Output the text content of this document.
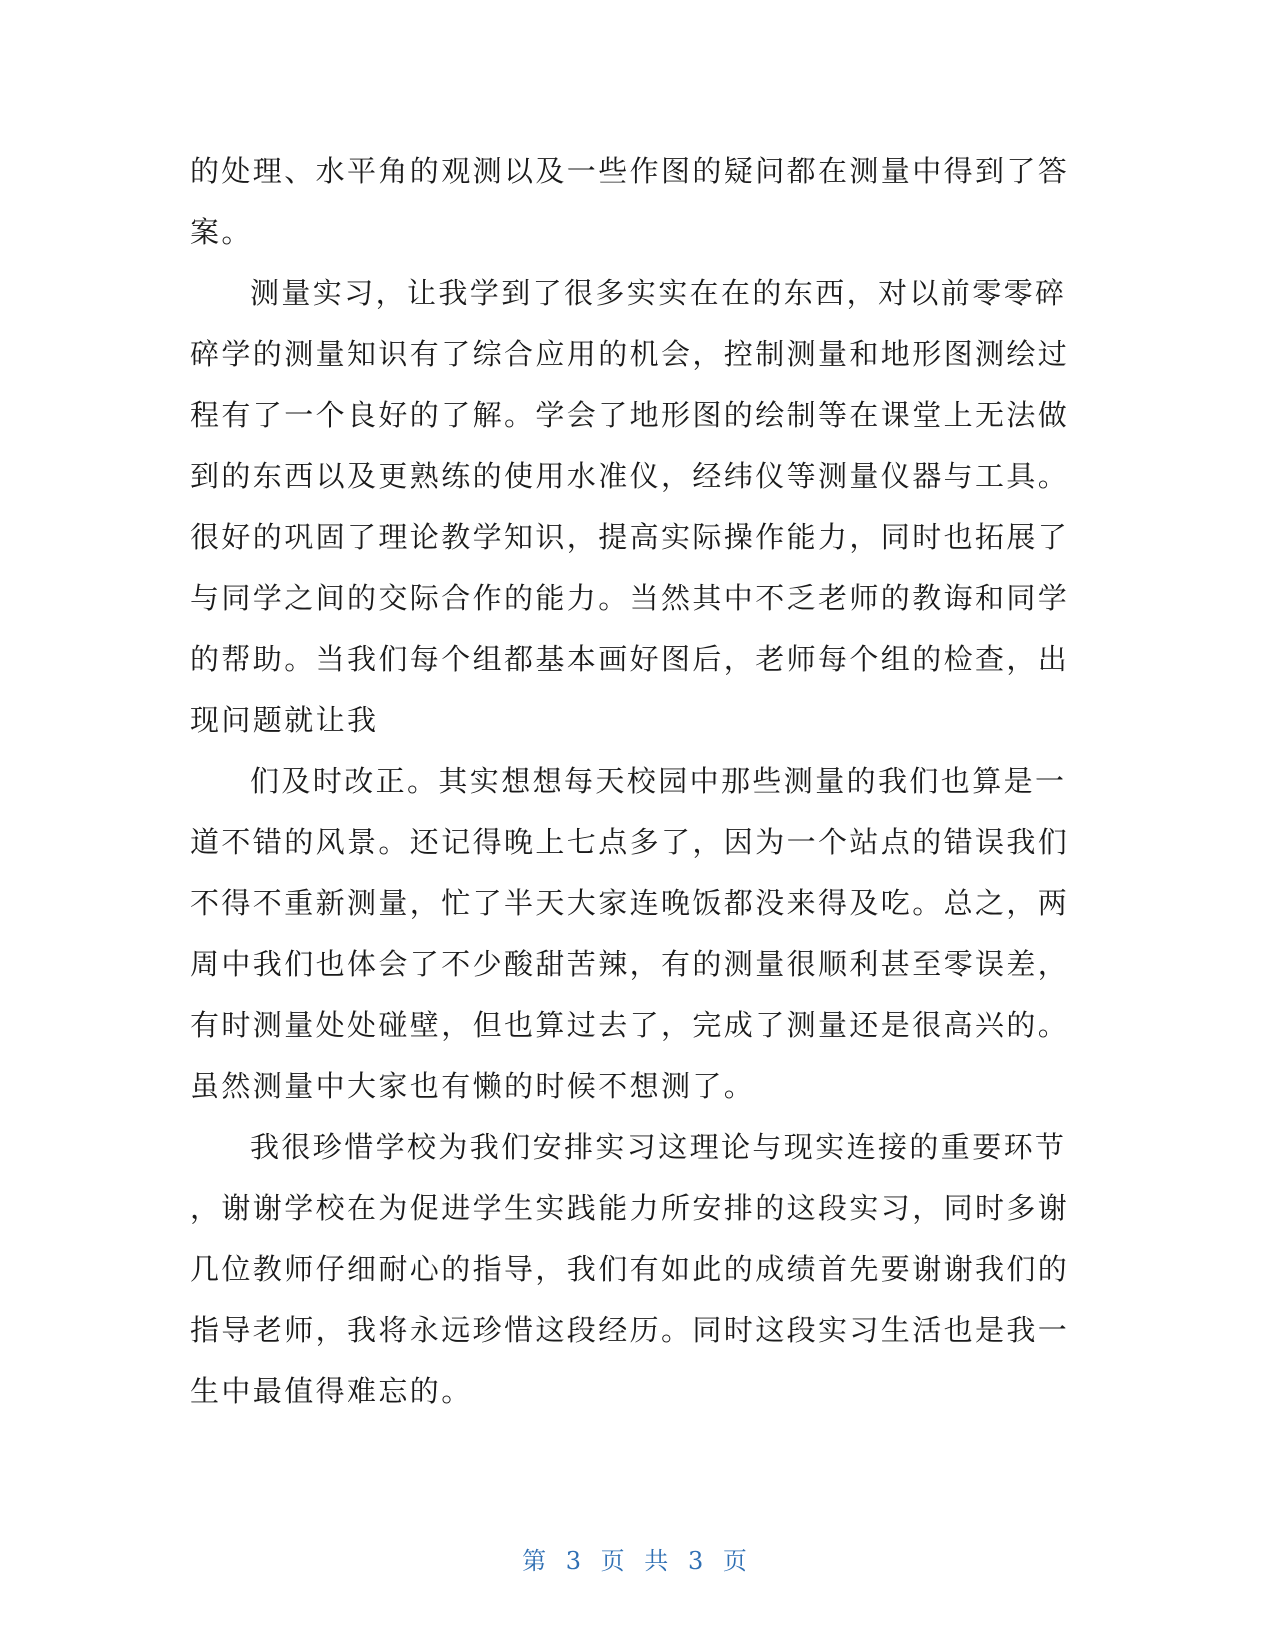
的处理、水平角的观测以及一些作图的疑问都在测量中得到了答
案。
测量实习，让我学到了很多实实在在的东西，对以前零零碎
碎学的测量知识有了综合应用的机会，控制测量和地形图测绘过
程有了一个良好的了解。学会了地形图的绘制等在课堂上无法做
到的东西以及更熟练的使用水准仪，经纬仪等测量仪器与工具。
很好的巩固了理论教学知识，提高实际操作能力，同时也拓展了
与同学之间的交际合作的能力。当然其中不乏老师的教诲和同学
的帮助。当我们每个组都基本画好图后，老师每个组的检查，出
现问题就让我
们及时改正。其实想想每天校园中那些测量的我们也算是一
道不错的风景。还记得晚上七点多了，因为一个站点的错误我们
不得不重新测量，忙了半天大家连晚饭都没来得及吃。总之，两
周中我们也体会了不少酸甜苦辣，有的测量很顺利甚至零误差，
有时测量处处碰壁，但也算过去了，完成了测量还是很高兴的。
虽然测量中大家也有懒的时候不想测了。
我很珍惜学校为我们安排实习这理论与现实连接的重要环节
，谢谢学校在为促进学生实践能力所安排的这段实习，同时多谢
几位教师仔细耐心的指导，我们有如此的成绩首先要谢谢我们的
指导老师，我将永远珍惜这段经历。同时这段实习生活也是我一
生中最值得难忘的。
第 3 页 共 3 页
